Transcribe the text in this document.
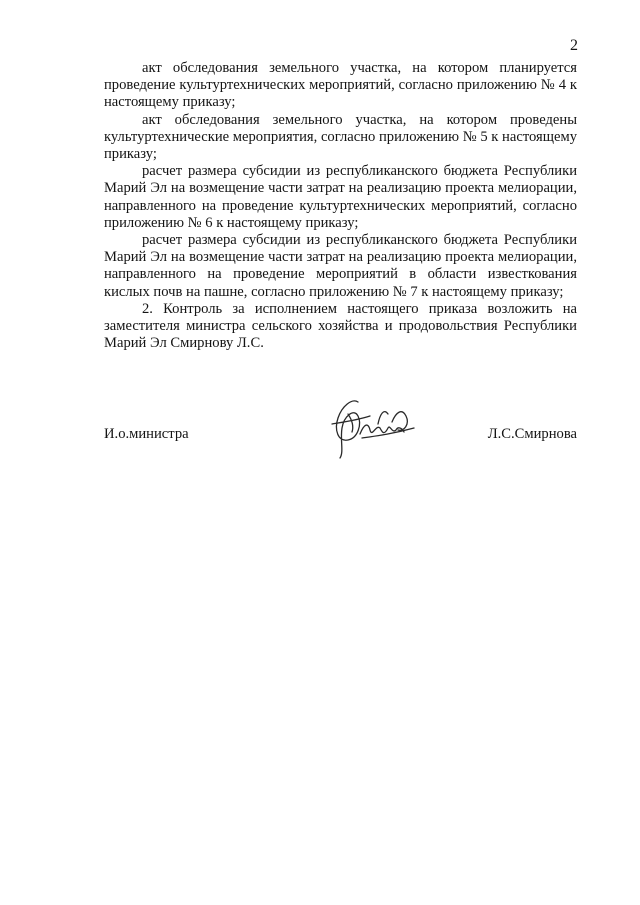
2

акт обследования земельного участка, на котором планируется проведение культуртехнических мероприятий, согласно приложению № 4 к настоящему приказу;

акт обследования земельного участка, на котором проведены культуртехнические мероприятия, согласно приложению № 5 к настоящему приказу;

расчет размера субсидии из республиканского бюджета Республики Марий Эл на возмещение части затрат на реализацию проекта мелиорации, направленного на проведение культуртехнических мероприятий, согласно приложению № 6 к настоящему приказу;

расчет размера субсидии из республиканского бюджета Республики Марий Эл на возмещение части затрат на реализацию проекта мелиорации, направленного на проведение мероприятий в области известкования кислых почв на пашне, согласно приложению № 7 к настоящему приказу;

2. Контроль за исполнением настоящего приказа возложить на заместителя министра сельского хозяйства и продовольствия Республики Марий Эл Смирнову Л.С.

И.о.министра	Л.С.Смирнова
